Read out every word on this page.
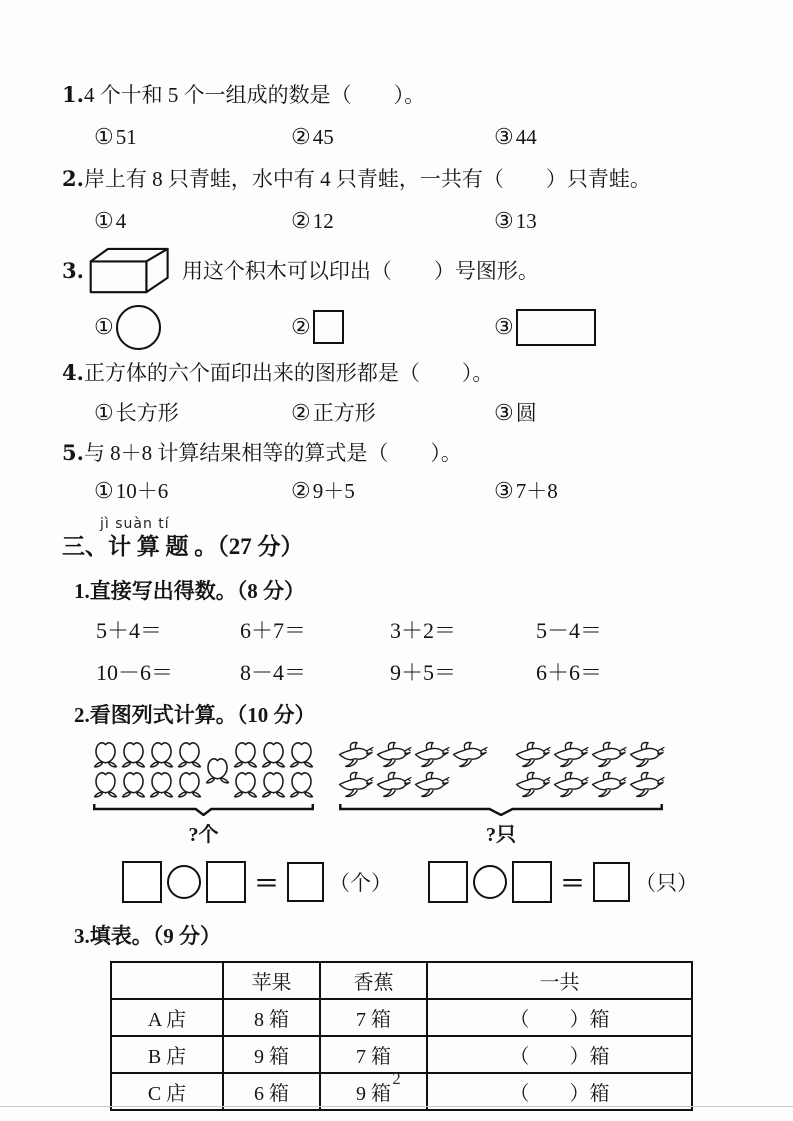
1.4 个十和 5 个一组成的数是（　　）。
① 51	② 45	③ 44
2.岸上有 8 只青蛙，水中有 4 只青蛙，一共有（　　）只青蛙。
① 4	② 12	③ 13
3.	用这个积木可以印出（　　）号图形。
①	②	③
4.正方体的六个面印出来的图形都是（　　）。
① 长方形	② 正方形	③ 圆
5.与 8＋8 计算结果相等的算式是（　　）。
① 10＋6	② 9＋5	③ 7＋8
jì suàn tí
三、计 算 题 。（27 分）
1.直接写出得数。（8 分）
5＋4＝	6＋7＝	3＋2＝	5－4＝
10－6＝	8－4＝	9＋5＝	6＋6＝
2.看图列式计算。（10 分）
?个	?只
＝ （个）	＝ （只）
3.填表。（9 分）
	苹果	香蕉	一共
A 店	8 箱	7 箱	（　　）箱
B 店	9 箱	7 箱	（　　）箱
C 店	6 箱	9 箱	（　　）箱
2
